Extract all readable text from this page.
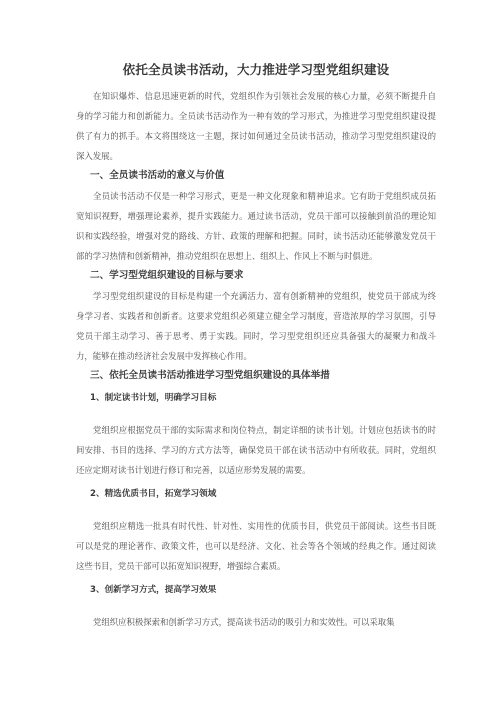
依托全员读书活动，大力推进学习型党组织建设

在知识爆炸、信息迅速更新的时代，党组织作为引领社会发展的核心力量，必须不断提升自身的学习能力和创新能力。全员读书活动作为一种有效的学习形式，为推进学习型党组织建设提供了有力的抓手。本文将围绕这一主题，探讨如何通过全员读书活动，推动学习型党组织建设的深入发展。

一、全员读书活动的意义与价值

全员读书活动不仅是一种学习形式，更是一种文化现象和精神追求。它有助于党组织成员拓宽知识视野，增强理论素养，提升实践能力。通过读书活动，党员干部可以接触到前沿的理论知识和实践经验，增强对党的路线、方针、政策的理解和把握。同时，读书活动还能够激发党员干部的学习热情和创新精神，推动党组织在思想上、组织上、作风上不断与时俱进。

二、学习型党组织建设的目标与要求

学习型党组织建设的目标是构建一个充满活力、富有创新精神的党组织，使党员干部成为终身学习者、实践者和创新者。这要求党组织必须建立健全学习制度，营造浓厚的学习氛围，引导党员干部主动学习、善于思考、勇于实践。同时，学习型党组织还应具备强大的凝聚力和战斗力，能够在推动经济社会发展中发挥核心作用。

三、依托全员读书活动推进学习型党组织建设的具体举措
1、制定读书计划，明确学习目标

党组织应根据党员干部的实际需求和岗位特点，制定详细的读书计划。计划应包括读书的时间安排、书目的选择、学习的方式方法等，确保党员干部在读书活动中有所收获。同时，党组织还应定期对读书计划进行修订和完善，以适应形势发展的需要。

2、精选优质书目，拓宽学习领域

党组织应精选一批具有时代性、针对性、实用性的优质书目，供党员干部阅读。这些书目既可以是党的理论著作、政策文件，也可以是经济、文化、社会等各个领域的经典之作。通过阅读这些书目，党员干部可以拓宽知识视野，增强综合素质。

3、创新学习方式，提高学习效果

党组织应积极探索和创新学习方式，提高读书活动的吸引力和实效性。可以采取集
